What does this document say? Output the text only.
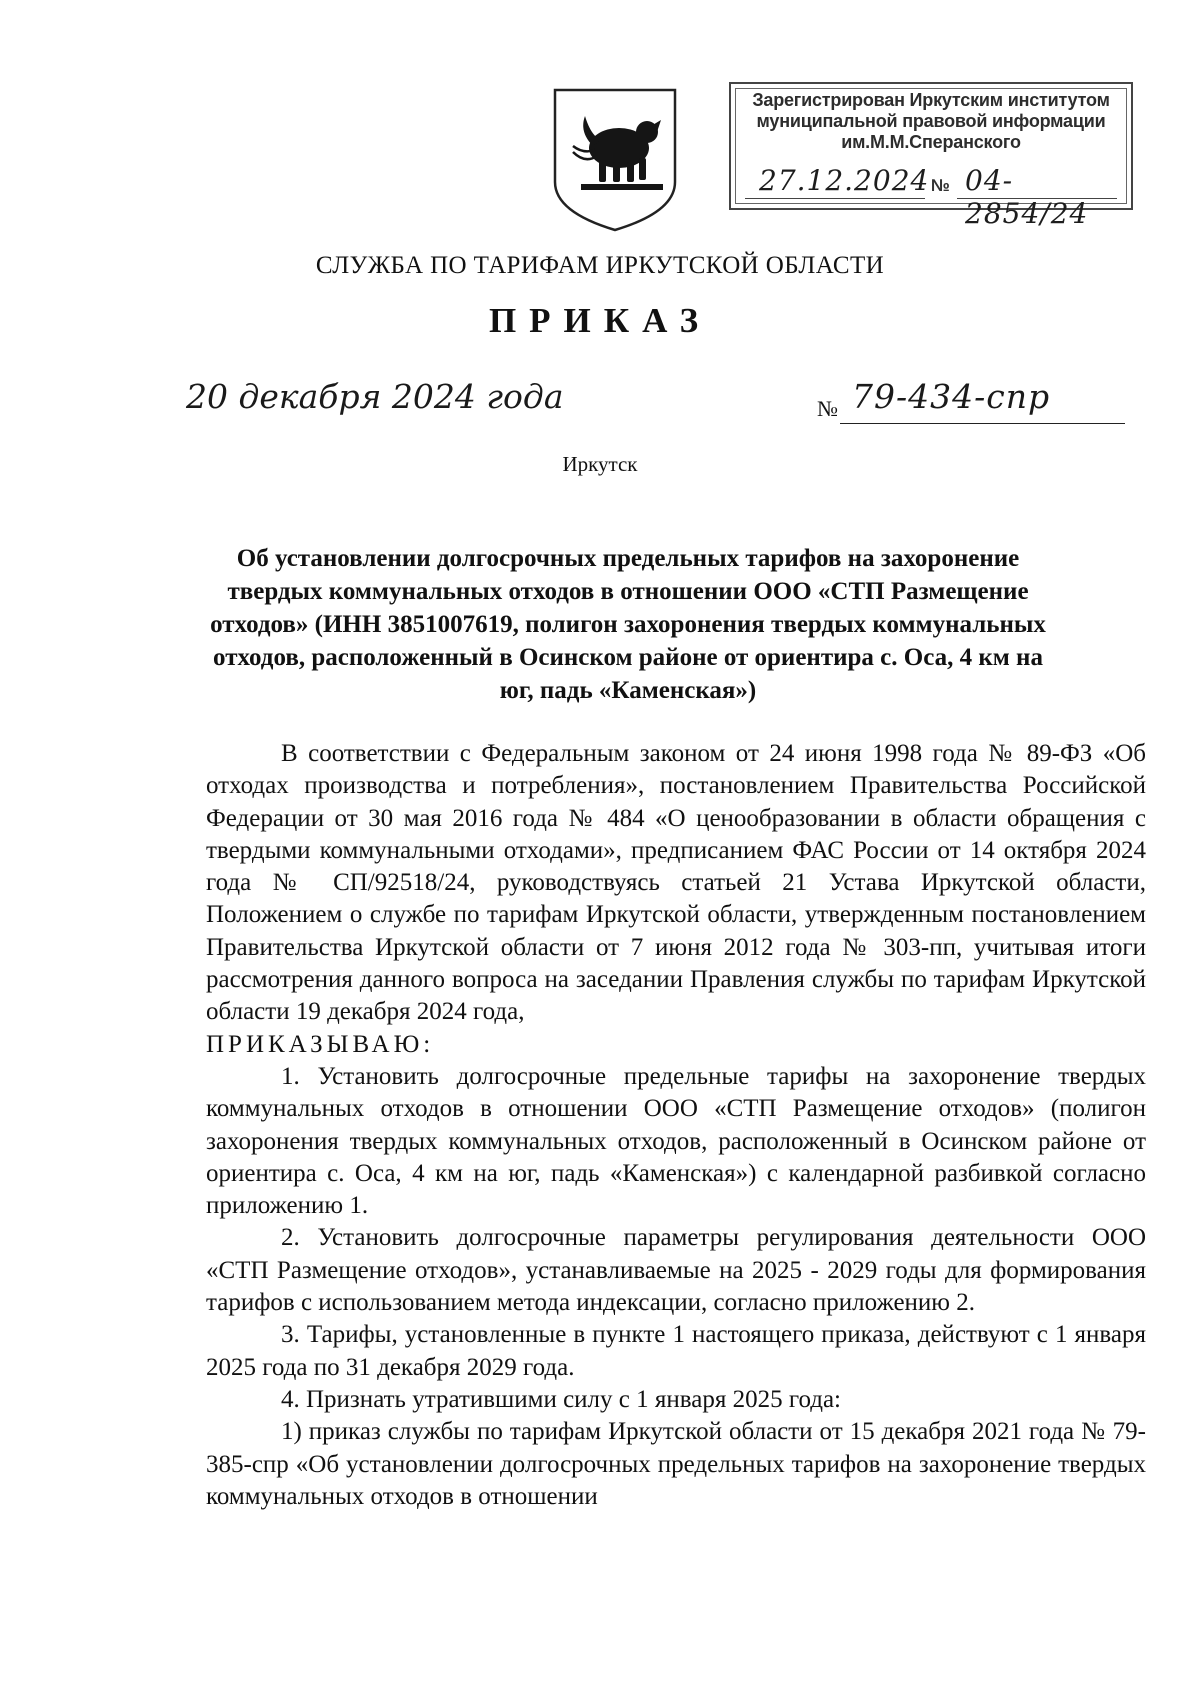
Зарегистрирован Иркутским институтом
муниципальной правовой информации
им.М.М.Сперанского
27.12.2024 № 04-2854/24
СЛУЖБА ПО ТАРИФАМ ИРКУТСКОЙ ОБЛАСТИ
ПРИКАЗ
20 декабря 2024 года	№ 79-434-спр
Иркутск
Об установлении долгосрочных предельных тарифов на захоронение твердых коммунальных отходов в отношении ООО «СТП Размещение отходов» (ИНН 3851007619, полигон захоронения твердых коммунальных отходов, расположенный в Осинском районе от ориентира с. Оса, 4 км на юг, падь «Каменская»)

В соответствии с Федеральным законом от 24 июня 1998 года № 89-ФЗ «Об отходах производства и потребления», постановлением Правительства Российской Федерации от 30 мая 2016 года № 484 «О ценообразовании в области обращения с твердыми коммунальными отходами», предписанием ФАС России от 14 октября 2024 года № СП/92518/24, руководствуясь статьей 21 Устава Иркутской области, Положением о службе по тарифам Иркутской области, утвержденным постановлением Правительства Иркутской области от 7 июня 2012 года № 303-пп, учитывая итоги рассмотрения данного вопроса на заседании Правления службы по тарифам Иркутской области 19 декабря 2024 года,

ПРИКАЗЫВАЮ:

1. Установить долгосрочные предельные тарифы на захоронение твердых коммунальных отходов в отношении ООО «СТП Размещение отходов» (полигон захоронения твердых коммунальных отходов, расположенный в Осинском районе от ориентира с. Оса, 4 км на юг, падь «Каменская») с календарной разбивкой согласно приложению 1.

2. Установить долгосрочные параметры регулирования деятельности ООО «СТП Размещение отходов», устанавливаемые на 2025 - 2029 годы для формирования тарифов с использованием метода индексации, согласно приложению 2.

3. Тарифы, установленные в пункте 1 настоящего приказа, действуют с 1 января 2025 года по 31 декабря 2029 года.

4. Признать утратившими силу с 1 января 2025 года:

1) приказ службы по тарифам Иркутской области от 15 декабря 2021 года № 79-385-спр «Об установлении долгосрочных предельных тарифов на захоронение твердых коммунальных отходов в отношении
